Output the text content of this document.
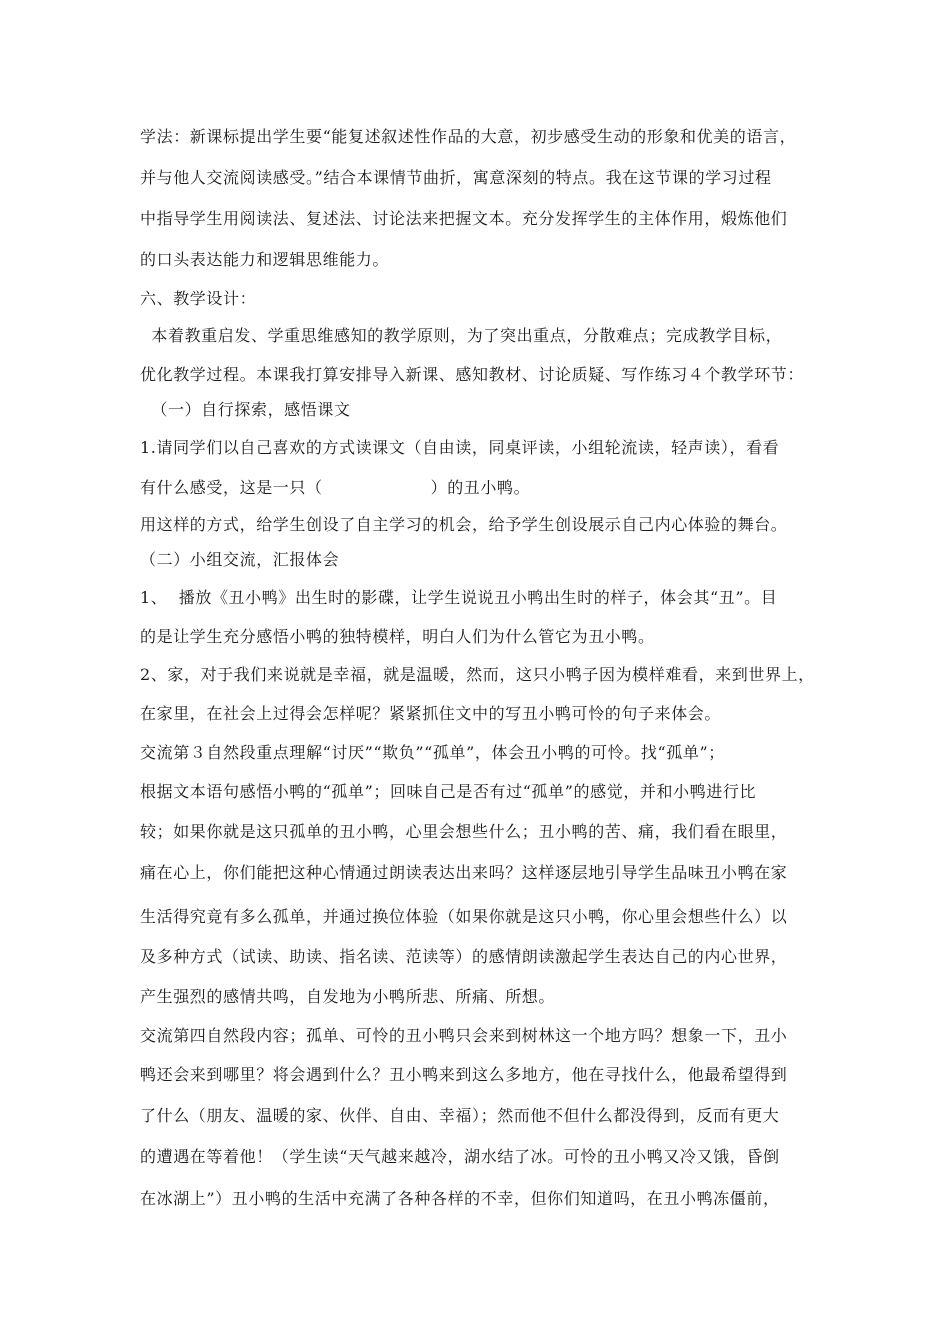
学法：新课标提出学生要“能复述叙述性作品的大意，初步感受生动的形象和优美的语言，
并与他人交流阅读感受。”结合本课情节曲折，寓意深刻的特点。我在这节课的学习过程
中指导学生用阅读法、复述法、讨论法来把握文本。充分发挥学生的主体作用，煅炼他们
的口头表达能力和逻辑思维能力。
六、教学设计：
本着教重启发、学重思维感知的教学原则，为了突出重点，分散难点；完成教学目标，
优化教学过程。本课我打算安排导入新课、感知教材、讨论质疑、写作练习４个教学环节：
（一）自行探索，感悟课文
1.请同学们以自己喜欢的方式读课文（自由读，同桌评读，小组轮流读，轻声读），看看
有什么感受，这是一只（	）的丑小鸭。
用这样的方式，给学生创设了自主学习的机会，给予学生创设展示自己内心体验的舞台。
（二）小组交流，汇报体会
1、  播放《丑小鸭》出生时的影碟，让学生说说丑小鸭出生时的样子，体会其“丑”。目
的是让学生充分感悟小鸭的独特模样，明白人们为什么管它为丑小鸭。
2、家，对于我们来说就是幸福，就是温暖，然而，这只小鸭子因为模样难看，来到世界上，
在家里，在社会上过得会怎样呢？紧紧抓住文中的写丑小鸭可怜的句子来体会。
交流第３自然段重点理解“讨厌”“欺负”“孤单”，体会丑小鸭的可怜。找“孤单”；
根据文本语句感悟小鸭的“孤单”；回味自己是否有过“孤单”的感觉，并和小鸭进行比
较；如果你就是这只孤单的丑小鸭，心里会想些什么；丑小鸭的苦、痛，我们看在眼里，
痛在心上，你们能把这种心情通过朗读表达出来吗？这样逐层地引导学生品味丑小鸭在家
生活得究竟有多么孤单，并通过换位体验（如果你就是这只小鸭，你心里会想些什么）以
及多种方式（试读、助读、指名读、范读等）的感情朗读激起学生表达自己的内心世界，
产生强烈的感情共鸣，自发地为小鸭所悲、所痛、所想。
交流第四自然段内容；孤单、可怜的丑小鸭只会来到树林这一个地方吗？想象一下，丑小
鸭还会来到哪里？将会遇到什么？丑小鸭来到这么多地方，他在寻找什么，他最希望得到
了什么（朋友、温暖的家、伙伴、自由、幸福）；然而他不但什么都没得到，反而有更大
的遭遇在等着他！（学生读“天气越来越冷，湖水结了冰。可怜的丑小鸭又冷又饿，昏倒
在冰湖上”）丑小鸭的生活中充满了各种各样的不幸，但你们知道吗，在丑小鸭冻僵前，
